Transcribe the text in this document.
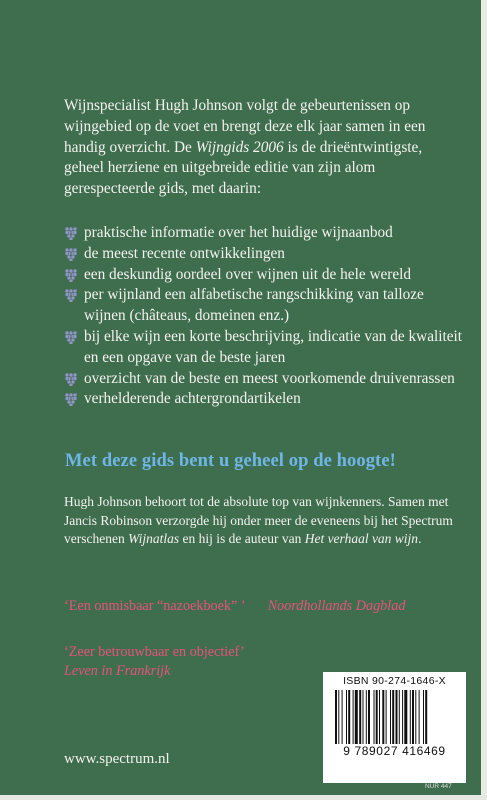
Wijnspecialist Hugh Johnson volgt de gebeurtenissen op wijngebied op de voet en brengt deze elk jaar samen in een handig overzicht. De Wijngids 2006 is de drieëntwintigste, geheel herziene en uitgebreide editie van zijn alom gerespecteerde gids, met daarin:

praktische informatie over het huidige wijnaanbod
de meest recente ontwikkelingen
een deskundig oordeel over wijnen uit de hele wereld
per wijnland een alfabetische rangschikking van talloze wijnen (châteaus, domeinen enz.)
bij elke wijn een korte beschrijving, indicatie van de kwaliteit en een opgave van de beste jaren
overzicht van de beste en meest voorkomende druivenrassen
verhelderende achtergrondartikelen
Met deze gids bent u geheel op de hoogte!

Hugh Johnson behoort tot de absolute top van wijnkenners. Samen met Jancis Robinson verzorgde hij onder meer de eveneens bij het Spectrum verschenen Wijnatlas en hij is de auteur van Het verhaal van wijn.

‘Een onmisbaar “nazoekboek” ’ Noordhollands Dagblad
‘Zeer betrouwbaar en objectief’
Leven in Frankrijk
www.spectrum.nl
ISBN 90-274-1646-X
9 789027 416469
NUR 447
